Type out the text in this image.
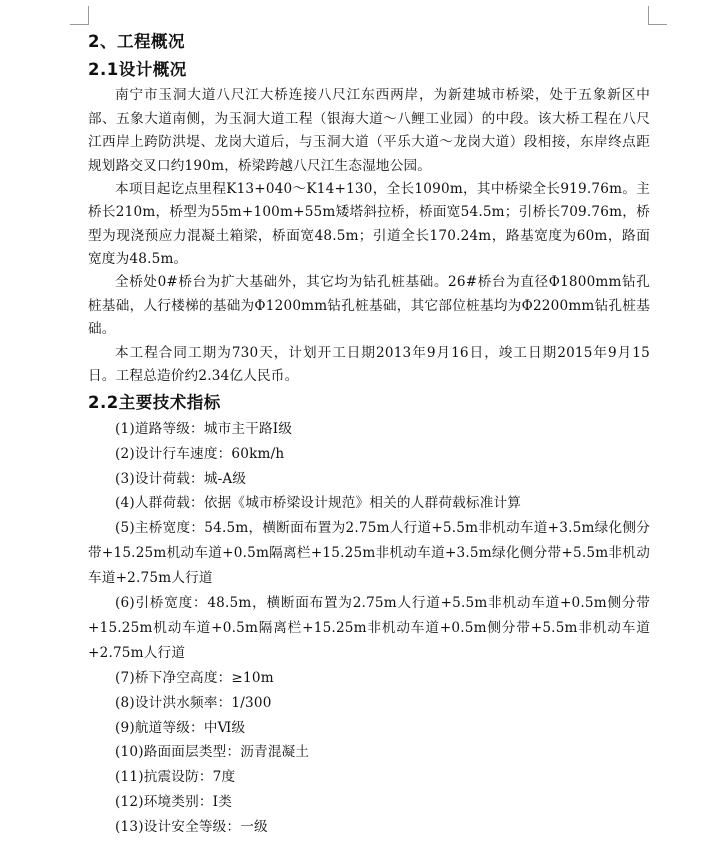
2、工程概况
2.1设计概况

南宁市玉洞大道八尺江大桥连接八尺江东西两岸，为新建城市桥梁，处于五象新区中部、五象大道南侧，为玉洞大道工程（银海大道～八鲤工业园）的中段。该大桥工程在八尺江西岸上跨防洪堤、龙岗大道后，与玉洞大道（平乐大道～龙岗大道）段相接，东岸终点距规划路交叉口约190m，桥梁跨越八尺江生态湿地公园。

本项目起讫点里程K13+040～K14+130，全长1090m，其中桥梁全长919.76m。主桥长210m，桥型为55m+100m+55m矮塔斜拉桥，桥面宽54.5m；引桥长709.76m，桥型为现浇预应力混凝土箱梁，桥面宽48.5m；引道全长170.24m，路基宽度为60m，路面宽度为48.5m。

全桥处0#桥台为扩大基础外，其它均为钻孔桩基础。26#桥台为直径Φ1800mm钻孔桩基础，人行楼梯的基础为Φ1200mm钻孔桩基础，其它部位桩基均为Φ2200mm钻孔桩基础。

本工程合同工期为730天，计划开工日期2013年9月16日，竣工日期2015年9月15日。工程总造价约2.34亿人民币。

2.2主要技术指标
(1)道路等级：城市主干路Ⅰ级
(2)设计行车速度：60km/h
(3)设计荷载：城-A级
(4)人群荷载：依据《城市桥梁设计规范》相关的人群荷载标准计算
(5)主桥宽度：54.5m，横断面布置为2.75m人行道+5.5m非机动车道+3.5m绿化侧分带+15.25m机动车道+0.5m隔离栏+15.25m非机动车道+3.5m绿化侧分带+5.5m非机动车道+2.75m人行道
(6)引桥宽度：48.5m，横断面布置为2.75m人行道+5.5m非机动车道+0.5m侧分带+15.25m机动车道+0.5m隔离栏+15.25m非机动车道+0.5m侧分带+5.5m非机动车道+2.75m人行道
(7)桥下净空高度：≥10m
(8)设计洪水频率：1/300
(9)航道等级：中Ⅵ级
(10)路面面层类型：沥青混凝土
(11)抗震设防：7度
(12)环境类别：Ⅰ类
(13)设计安全等级：一级
